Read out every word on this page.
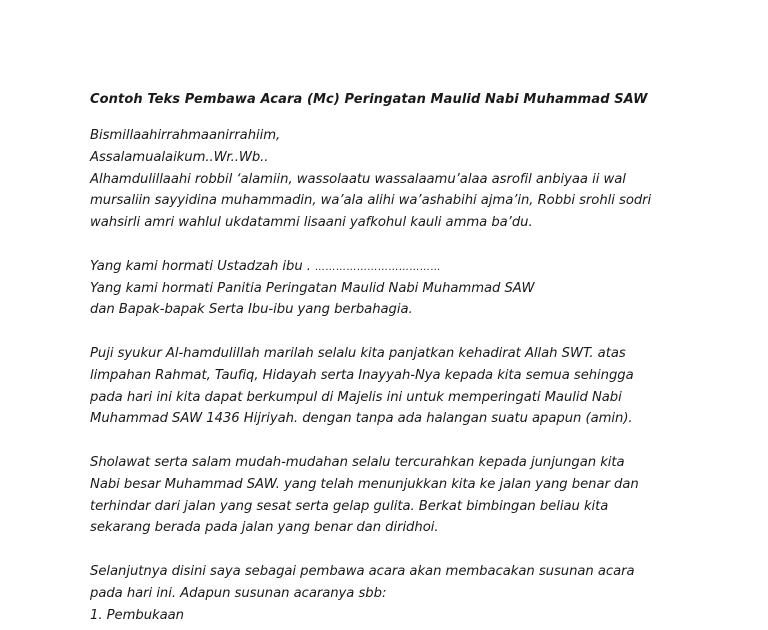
Contoh Teks Pembawa Acara (Mc) Peringatan Maulid Nabi Muhammad SAW
Bismillaahirrahmaanirrahiim,
Assalamualaikum..Wr..Wb..
Alhamdulillaahi robbil ‘alamiin, wassolaatu wassalaamu’alaa asrofil anbiyaa ii wal
mursaliin sayyidina muhammadin, wa’ala alihi wa’ashabihi ajma’in, Robbi srohli sodri
wahsirli amri wahlul ukdatammi lisaani yafkohul kauli amma ba’du.
Yang kami hormati Ustadzah ibu . ………………………………
Yang kami hormati Panitia Peringatan Maulid Nabi Muhammad SAW
dan Bapak-bapak Serta Ibu-ibu yang berbahagia.
Puji syukur Al-hamdulillah marilah selalu kita panjatkan kehadirat Allah SWT. atas
limpahan Rahmat, Taufiq, Hidayah serta Inayyah-Nya kepada kita semua sehingga
pada hari ini kita dapat berkumpul di Majelis ini untuk memperingati Maulid Nabi
Muhammad SAW 1436 Hijriyah. dengan tanpa ada halangan suatu apapun (amin).
Sholawat serta salam mudah-mudahan selalu tercurahkan kepada junjungan kita
Nabi besar Muhammad SAW. yang telah menunjukkan kita ke jalan yang benar dan
terhindar dari jalan yang sesat serta gelap gulita. Berkat bimbingan beliau kita
sekarang berada pada jalan yang benar dan diridhoi.
Selanjutnya disini saya sebagai pembawa acara akan membacakan susunan acara
pada hari ini. Adapun susunan acaranya sbb:
1. Pembukaan
